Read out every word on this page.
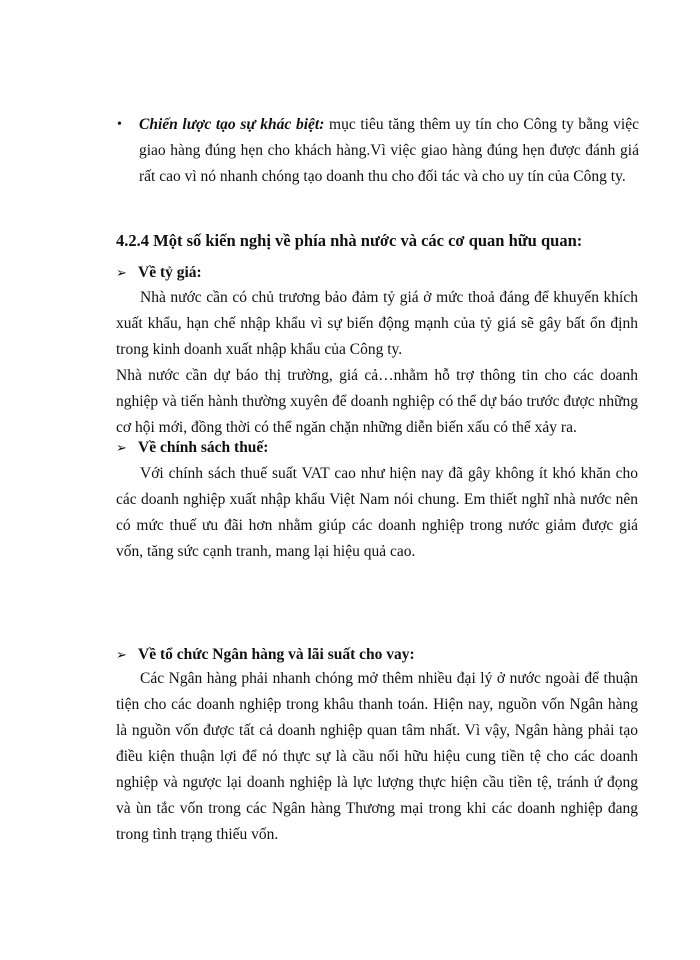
• Chiến lược tạo sự khác biệt: mục tiêu tăng thêm uy tín cho Công ty bằng việc giao hàng đúng hẹn cho khách hàng.Vì việc giao hàng đúng hẹn được đánh giá rất cao vì nó nhanh chóng tạo doanh thu cho đối tác và cho uy tín của Công ty.
4.2.4 Một số kiến nghị về phía nhà nước và các cơ quan hữu quan:
➢ Về tỷ giá:
Nhà nước cần có chủ trương bảo đảm tỷ giá ở mức thoả đáng để khuyến khích xuất khẩu, hạn chế nhập khẩu vì sự biến động mạnh của tỷ giá sẽ gây bất ổn định trong kinh doanh xuất nhập khẩu của Công ty.
Nhà nước cần dự báo thị trường, giá cả…nhằm hỗ trợ thông tin cho các doanh nghiệp và tiến hành thường xuyên để doanh nghiệp có thể dự báo trước được những cơ hội mới, đồng thời có thể ngăn chặn những diễn biến xấu có thể xảy ra.
➢ Về chính sách thuế:
Với chính sách thuế suất VAT cao như hiện nay đã gây không ít khó khăn cho các doanh nghiệp xuất nhập khẩu Việt Nam nói chung. Em thiết nghĩ nhà nước nên có mức thuế ưu đãi hơn nhằm giúp các doanh nghiệp trong nước giảm được giá vốn, tăng sức cạnh tranh, mang lại hiệu quả cao.
➢ Về tổ chức Ngân hàng và lãi suất cho vay:
Các Ngân hàng phải nhanh chóng mở thêm nhiều đại lý ở nước ngoài để thuận tiện cho các doanh nghiệp trong khâu thanh toán. Hiện nay, nguồn vốn Ngân hàng là nguồn vốn được tất cả doanh nghiệp quan tâm nhất. Vì vậy, Ngân hàng phải tạo điều kiện thuận lợi để nó thực sự là cầu nối hữu hiệu cung tiền tệ cho các doanh nghiệp và ngược lại doanh nghiệp là lực lượng thực hiện cầu tiền tệ, tránh ứ đọng và ùn tắc vốn trong các Ngân hàng Thương mại trong khi các doanh nghiệp đang trong tình trạng thiếu vốn.
